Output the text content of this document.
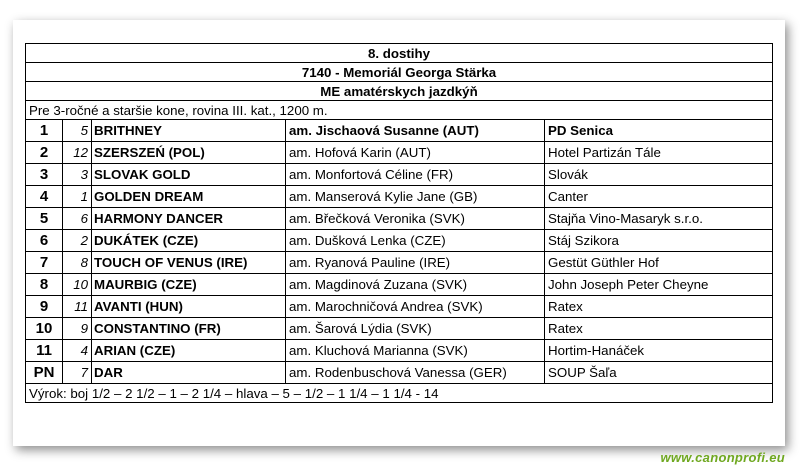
8. dostihy
7140 - Memoriál Georga Stärka
ME amatérskych jazdkýň
Pre 3-ročné a staršie kone, rovina III. kat., 1200 m.
1	5 BRITHNEY	am. Jischaová Susanne (AUT)	PD Senica
2	12 SZERSZEŃ (POL)	am. Hofová Karin (AUT)	Hotel Partizán Tále
3	3 SLOVAK GOLD	am. Monfortová Céline (FR)	Slovák
4	1 GOLDEN DREAM	am. Manserová Kylie Jane (GB)	Canter
5	6 HARMONY DANCER	am. Břečková Veronika (SVK)	Stajňa Vino-Masaryk s.r.o.
6	2 DUKÁTEK (CZE)	am. Dušková Lenka (CZE)	Stáj Szikora
7	8 TOUCH OF VENUS (IRE)	am. Ryanová Pauline (IRE)	Gestüt Güthler Hof
8	10 MAURBIG (CZE)	am. Magdinová Zuzana (SVK)	John Joseph Peter Cheyne
9	11 AVANTI (HUN)	am. Marochničová Andrea (SVK)	Ratex
10	9 CONSTANTINO (FR)	am. Šarová Lýdia (SVK)	Ratex
11	4 ARIAN (CZE)	am. Kluchová Marianna (SVK)	Hortim-Hanáček
PN	7 DAR	am. Rodenbuschová Vanessa (GER)	SOUP Šaľa
Výrok: boj 1/2 – 2 1/2 – 1 – 2 1/4 – hlava – 5 – 1/2 – 1 1/4 – 1 1/4 - 14
www.canonprofi.eu
